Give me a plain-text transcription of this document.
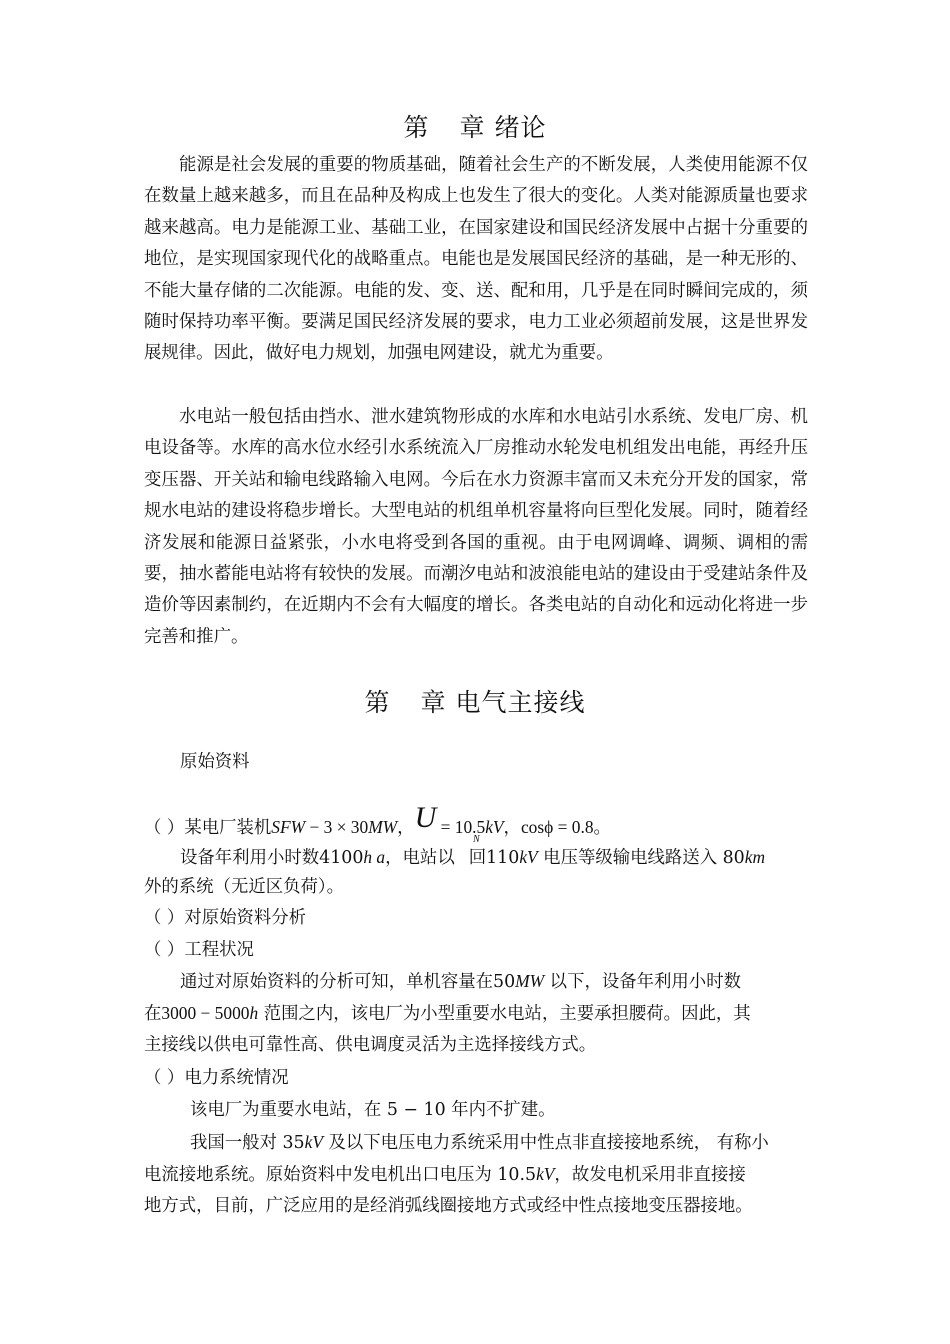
第 章 绪论
能源是社会发展的重要的物质基础，随着社会生产的不断发展，人类使用能源不仅在数量上越来越多，而且在品种及构成上也发生了很大的变化。人类对能源质量也要求越来越高。电力是能源工业、基础工业，在国家建设和国民经济发展中占据十分重要的地位，是实现国家现代化的战略重点。电能也是发展国民经济的基础，是一种无形的、不能大量存储的二次能源。电能的发、变、送、配和用，几乎是在同时瞬间完成的，须随时保持功率平衡。要满足国民经济发展的要求，电力工业必须超前发展，这是世界发展规律。因此，做好电力规划，加强电网建设，就尤为重要。
水电站一般包括由挡水、泄水建筑物形成的水库和水电站引水系统、发电厂房、机电设备等。水库的高水位水经引水系统流入厂房推动水轮发电机组发出电能，再经升压变压器、开关站和输电线路输入电网。今后在水力资源丰富而又未充分开发的国家，常规水电站的建设将稳步增长。大型电站的机组单机容量将向巨型化发展。同时，随着经济发展和能源日益紧张，小水电将受到各国的重视。由于电网调峰、调频、调相的需要，抽水蓄能电站将有较快的发展。而潮汐电站和波浪能电站的建设由于受建站条件及造价等因素制约，在近期内不会有大幅度的增长。各类电站的自动化和远动化将进一步完善和推广。
第 章 电气主接线
原始资料
（ ）某电厂装机SFW − 3 × 30MW，U = 10.5kV，cosϕ = 0.8。
N
设备年利用小时数4100h a，电站以 回110kV 电压等级输电线路送入 80km
外的系统（无近区负荷）。
（ ）对原始资料分析
（ ）工程状况
通过对原始资料的分析可知，单机容量在50MW 以下，设备年利用小时数
在3000 − 5000h 范围之内，该电厂为小型重要水电站，主要承担腰荷。因此，其
主接线以供电可靠性高、供电调度灵活为主选择接线方式。
（ ）电力系统情况
该电厂为重要水电站，在 5 − 10 年内不扩建。
我国一般对 35kV 及以下电压电力系统采用中性点非直接接地系统， 有称小
电流接地系统。原始资料中发电机出口电压为 10.5kV，故发电机采用非直接接
地方式，目前，广泛应用的是经消弧线圈接地方式或经中性点接地变压器接地。
